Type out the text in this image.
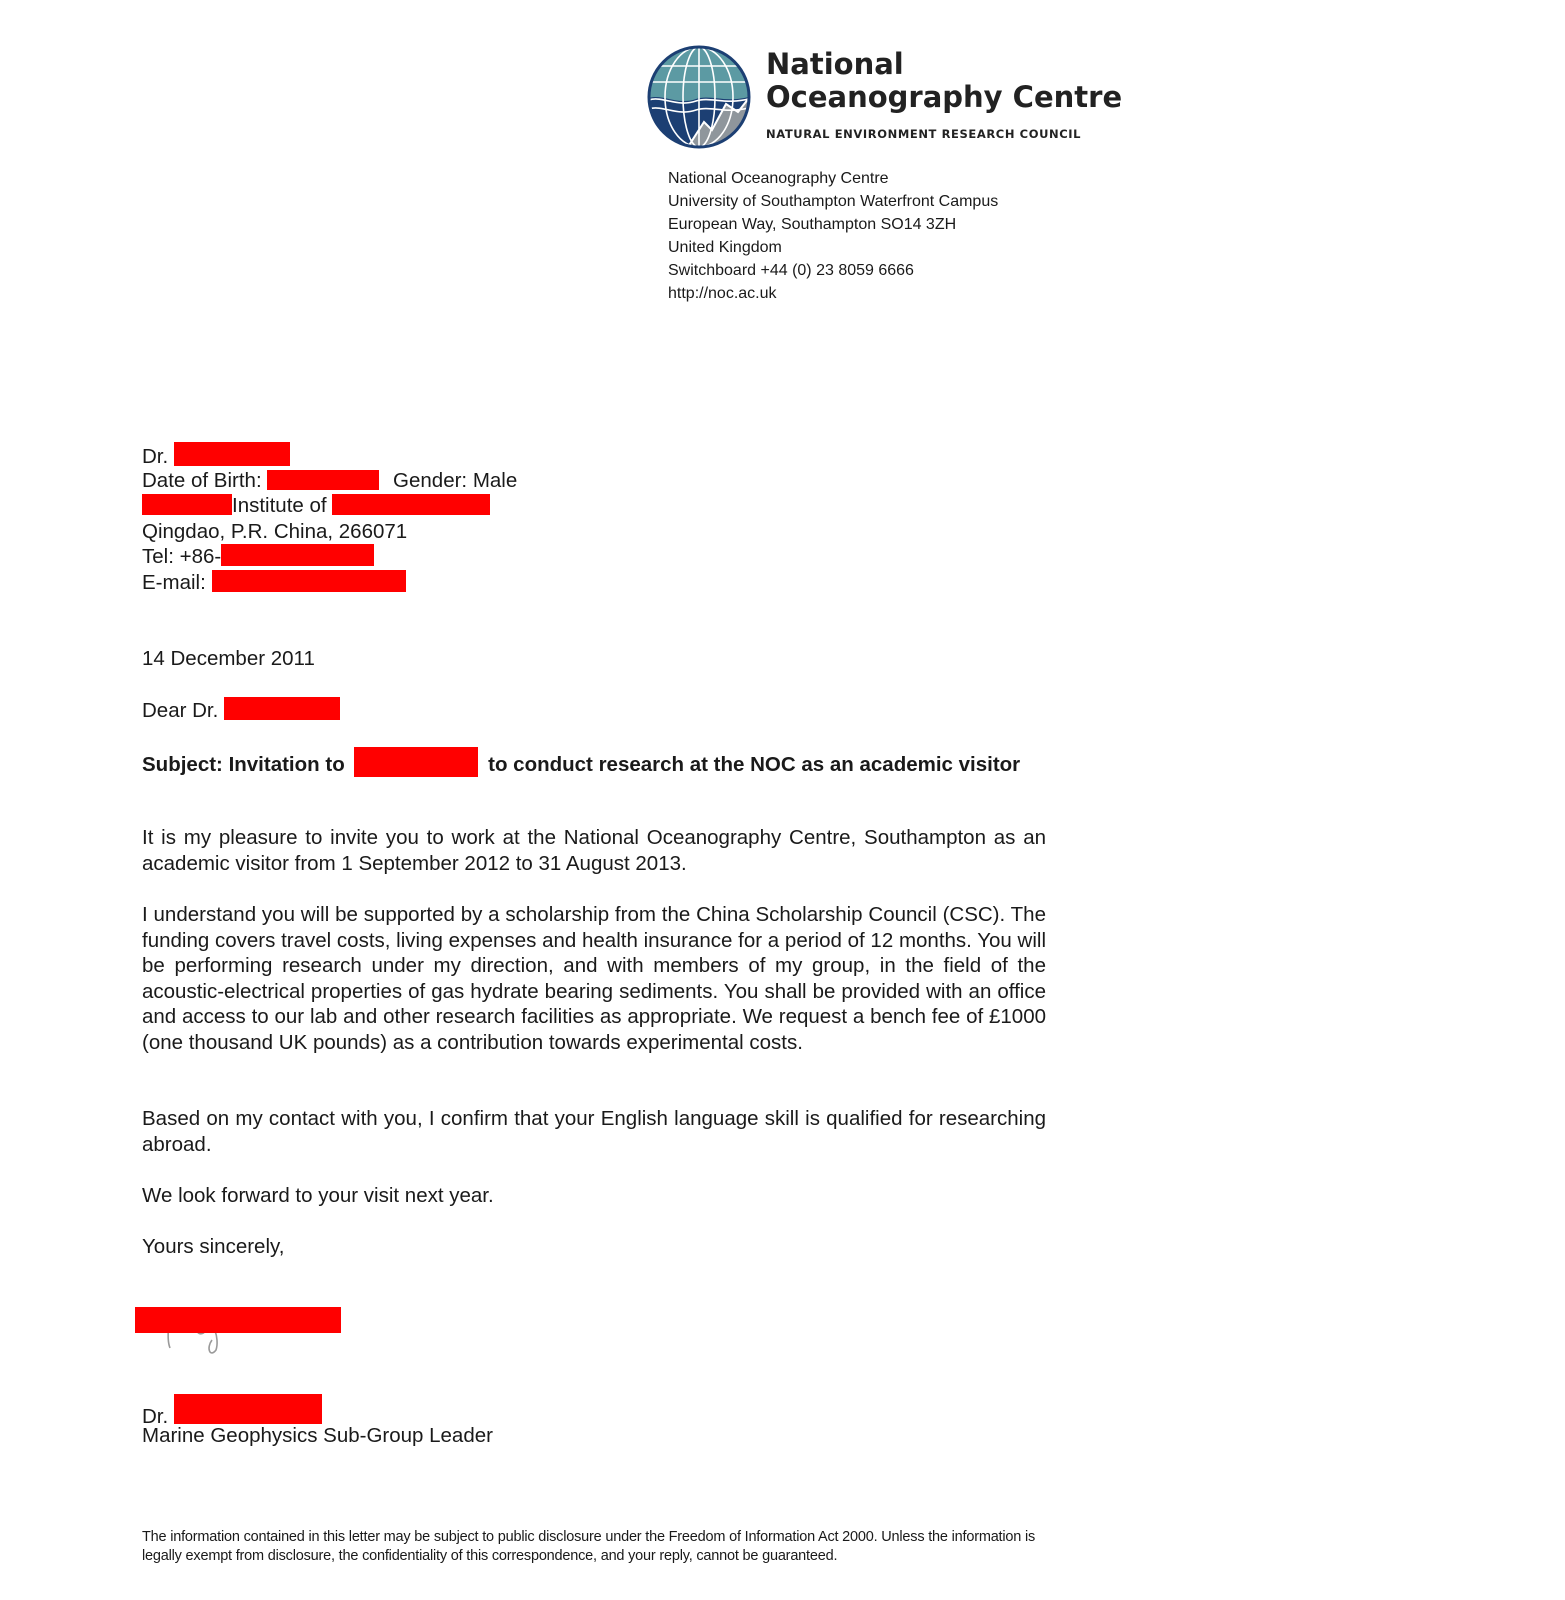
National
Oceanography Centre
NATURAL ENVIRONMENT RESEARCH COUNCIL
National Oceanography Centre
University of Southampton Waterfront Campus
European Way, Southampton SO14 3ZH
United Kingdom
Switchboard +44 (0) 23 8059 6666
http://noc.ac.uk
Dr.
Date of Birth:	Gender: Male
Institute of
Qingdao, P.R. China, 266071
Tel: +86-
E-mail:
14 December 2011
Dear Dr.
Subject: Invitation to	to conduct research at the NOC as an academic visitor
It is my pleasure to invite you to work at the National Oceanography Centre, Southampton as an academic visitor from 1 September 2012 to 31 August 2013.
I understand you will be supported by a scholarship from the China Scholarship Council (CSC). The funding covers travel costs, living expenses and health insurance for a period of 12 months. You will be performing research under my direction, and with members of my group, in the field of the acoustic-electrical properties of gas hydrate bearing sediments. You shall be provided with an office and access to our lab and other research facilities as appropriate. We request a bench fee of £1000 (one thousand UK pounds) as a contribution towards experimental costs.
Based on my contact with you, I confirm that your English language skill is qualified for researching abroad.
We look forward to your visit next year.
Yours sincerely,
Dr.
Marine Geophysics Sub-Group Leader
The information contained in this letter may be subject to public disclosure under the Freedom of Information Act 2000. Unless the information is legally exempt from disclosure, the confidentiality of this correspondence, and your reply, cannot be guaranteed.
